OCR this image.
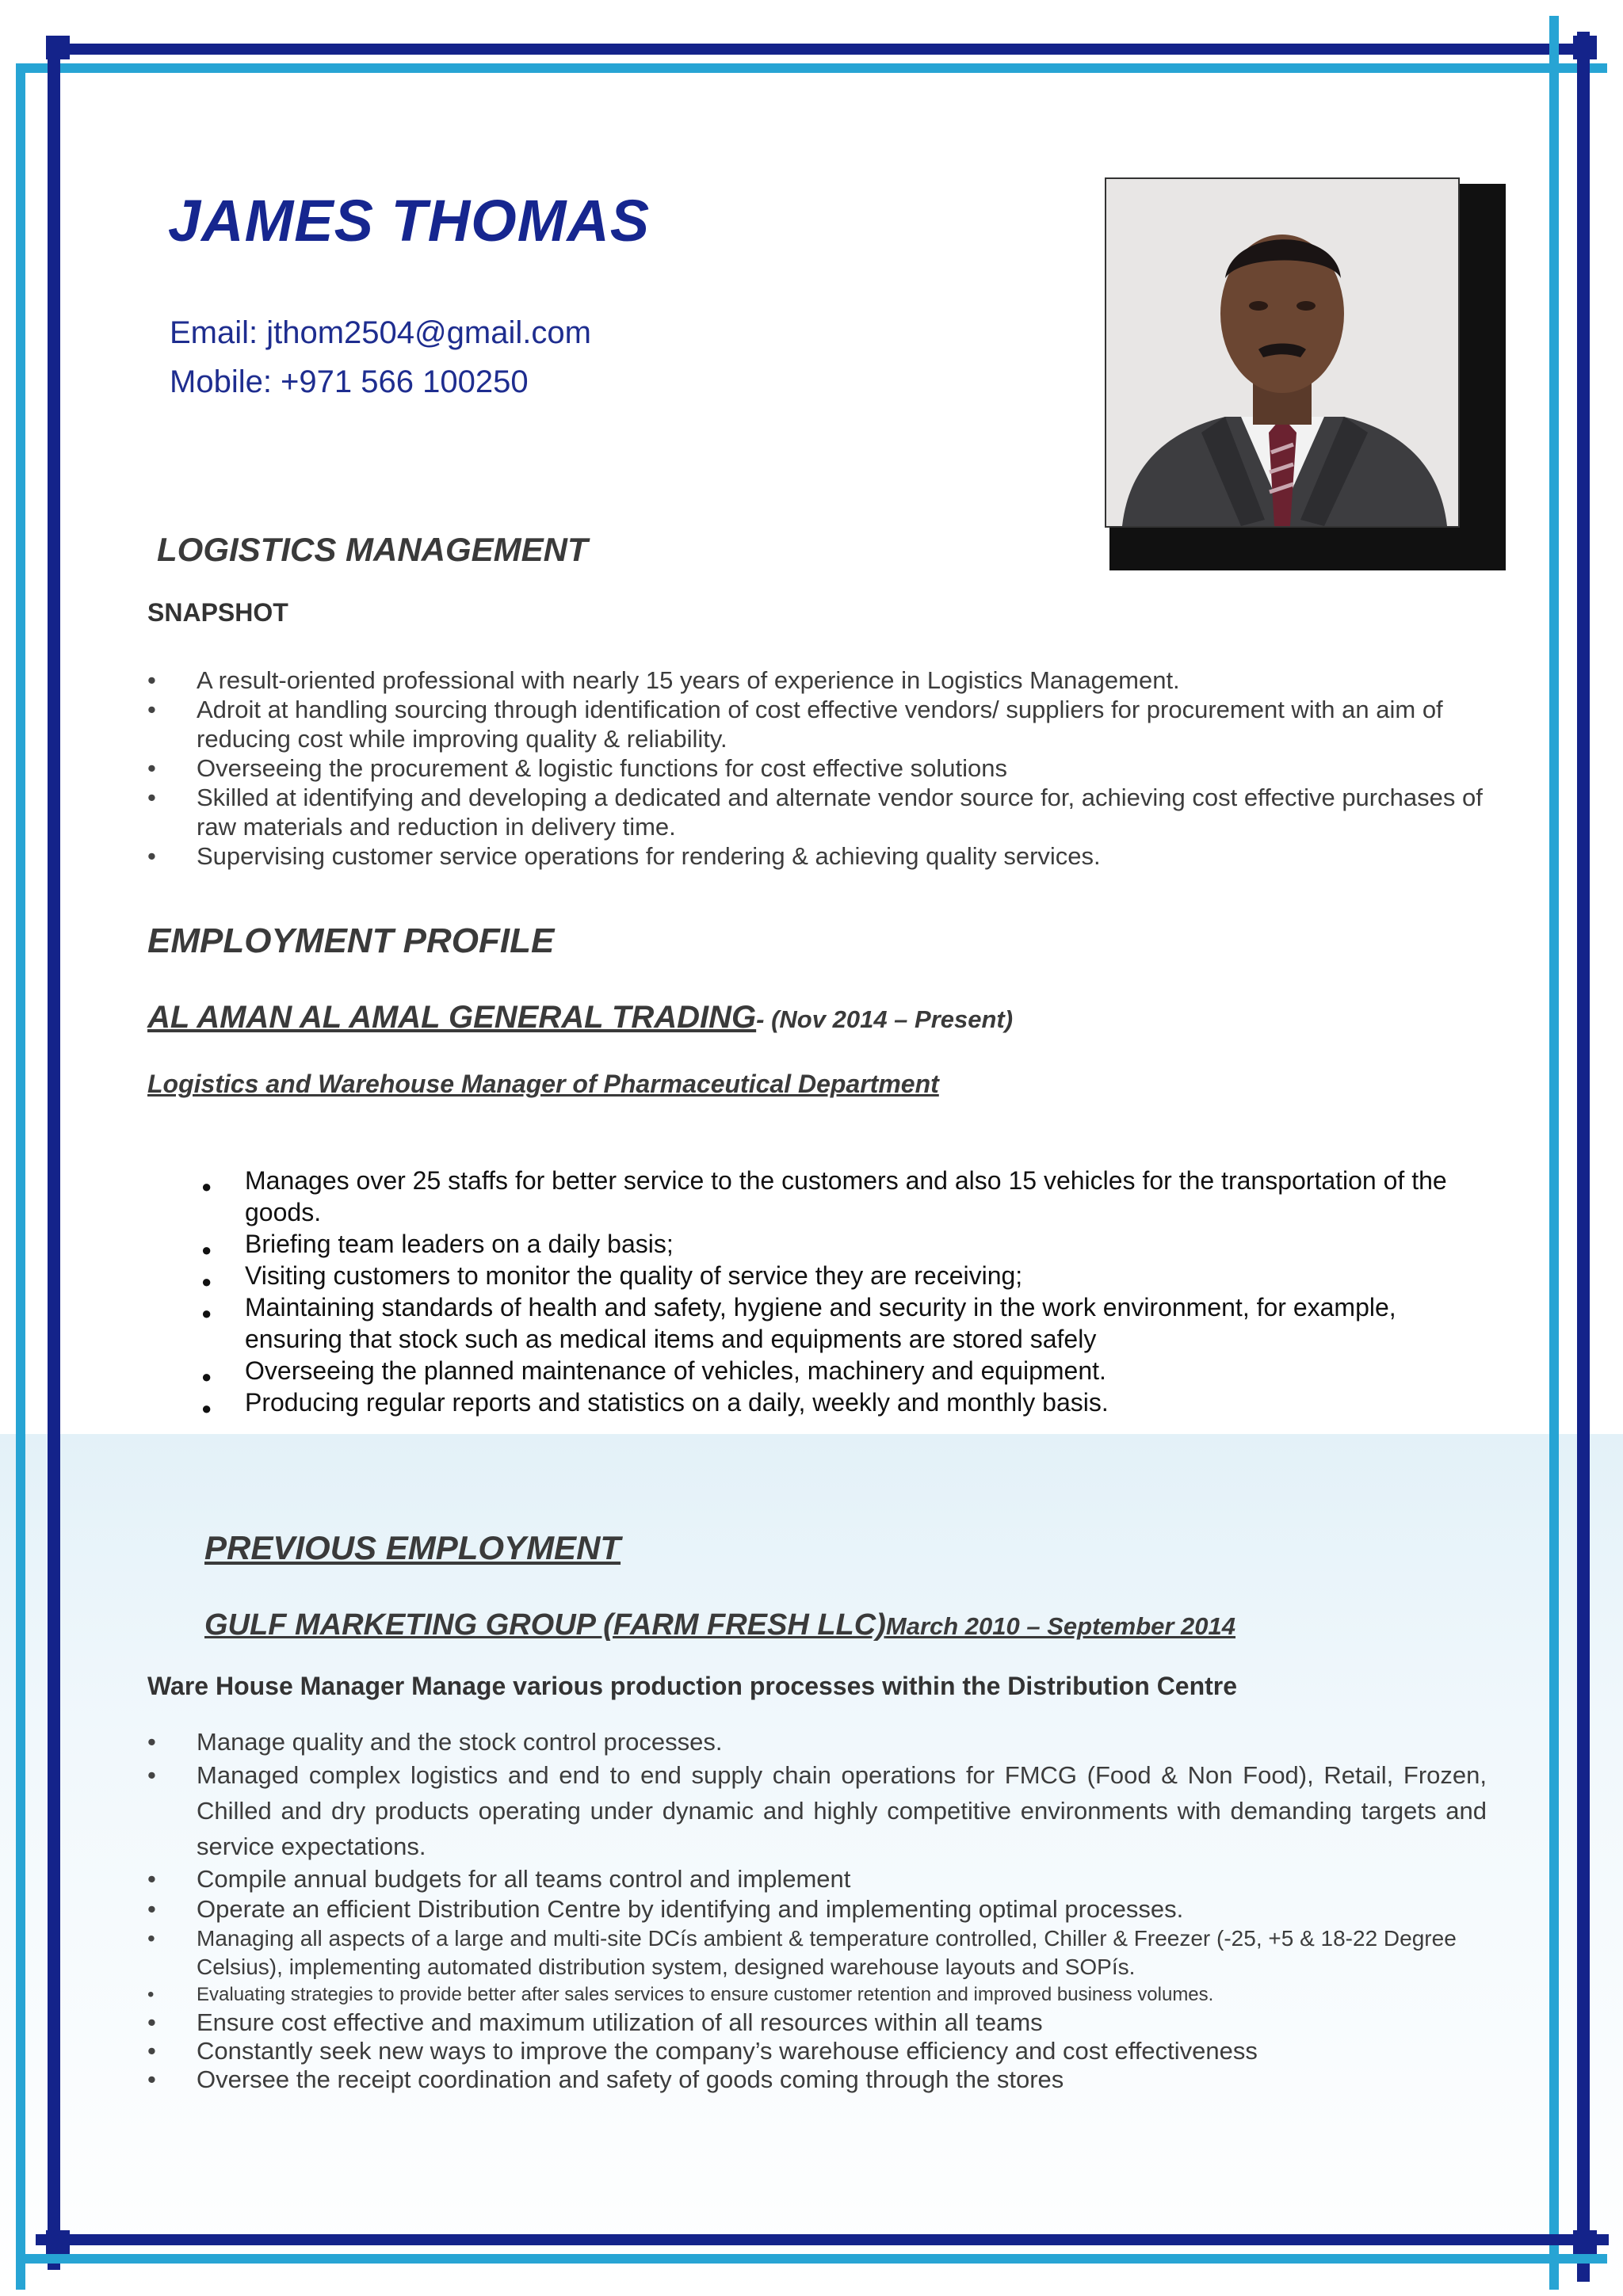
JAMES THOMAS
Email: jthom2504@gmail.com
Mobile: +971 566 100250
LOGISTICS MANAGEMENT
SNAPSHOT
• A result-oriented professional with nearly 15 years of experience in Logistics Management.
• Adroit at handling sourcing through identification of cost effective vendors/ suppliers for procurement with an aim of reducing cost while improving quality & reliability.
• Overseeing the procurement & logistic functions for cost effective solutions
• Skilled at identifying and developing a dedicated and alternate vendor source for, achieving cost effective purchases of raw materials and reduction in delivery time.
• Supervising customer service operations for rendering & achieving quality services.
EMPLOYMENT PROFILE
AL AMAN AL AMAL GENERAL TRADING- (Nov 2014 – Present)
Logistics and Warehouse Manager of Pharmaceutical Department
● Manages over 25 staffs for better service to the customers and also 15 vehicles for the transportation of the goods.
● Briefing team leaders on a daily basis;
● Visiting customers to monitor the quality of service they are receiving;
● Maintaining standards of health and safety, hygiene and security in the work environment, for example, ensuring that stock such as medical items and equipments are stored safely
● Overseeing the planned maintenance of vehicles, machinery and equipment.
● Producing regular reports and statistics on a daily, weekly and monthly basis.
PREVIOUS EMPLOYMENT
GULF MARKETING GROUP (FARM FRESH LLC)March 2010 – September 2014
Ware House Manager Manage various production processes within the Distribution Centre
• Manage quality and the stock control processes.
• Managed complex logistics and end to end supply chain operations for FMCG (Food & Non Food), Retail, Frozen, Chilled and dry products operating under dynamic and highly competitive environments with demanding targets and service expectations.
• Compile annual budgets for all teams control and implement
• Operate an efficient Distribution Centre by identifying and implementing optimal processes.
• Managing all aspects of a large and multi-site DCís ambient & temperature controlled, Chiller & Freezer (-25, +5 & 18-22 Degree Celsius), implementing automated distribution system, designed warehouse layouts and SOPís.
• Evaluating strategies to provide better after sales services to ensure customer retention and improved business volumes.
• Ensure cost effective and maximum utilization of all resources within all teams
• Constantly seek new ways to improve the company’s warehouse efficiency and cost effectiveness
• Oversee the receipt coordination and safety of goods coming through the stores
